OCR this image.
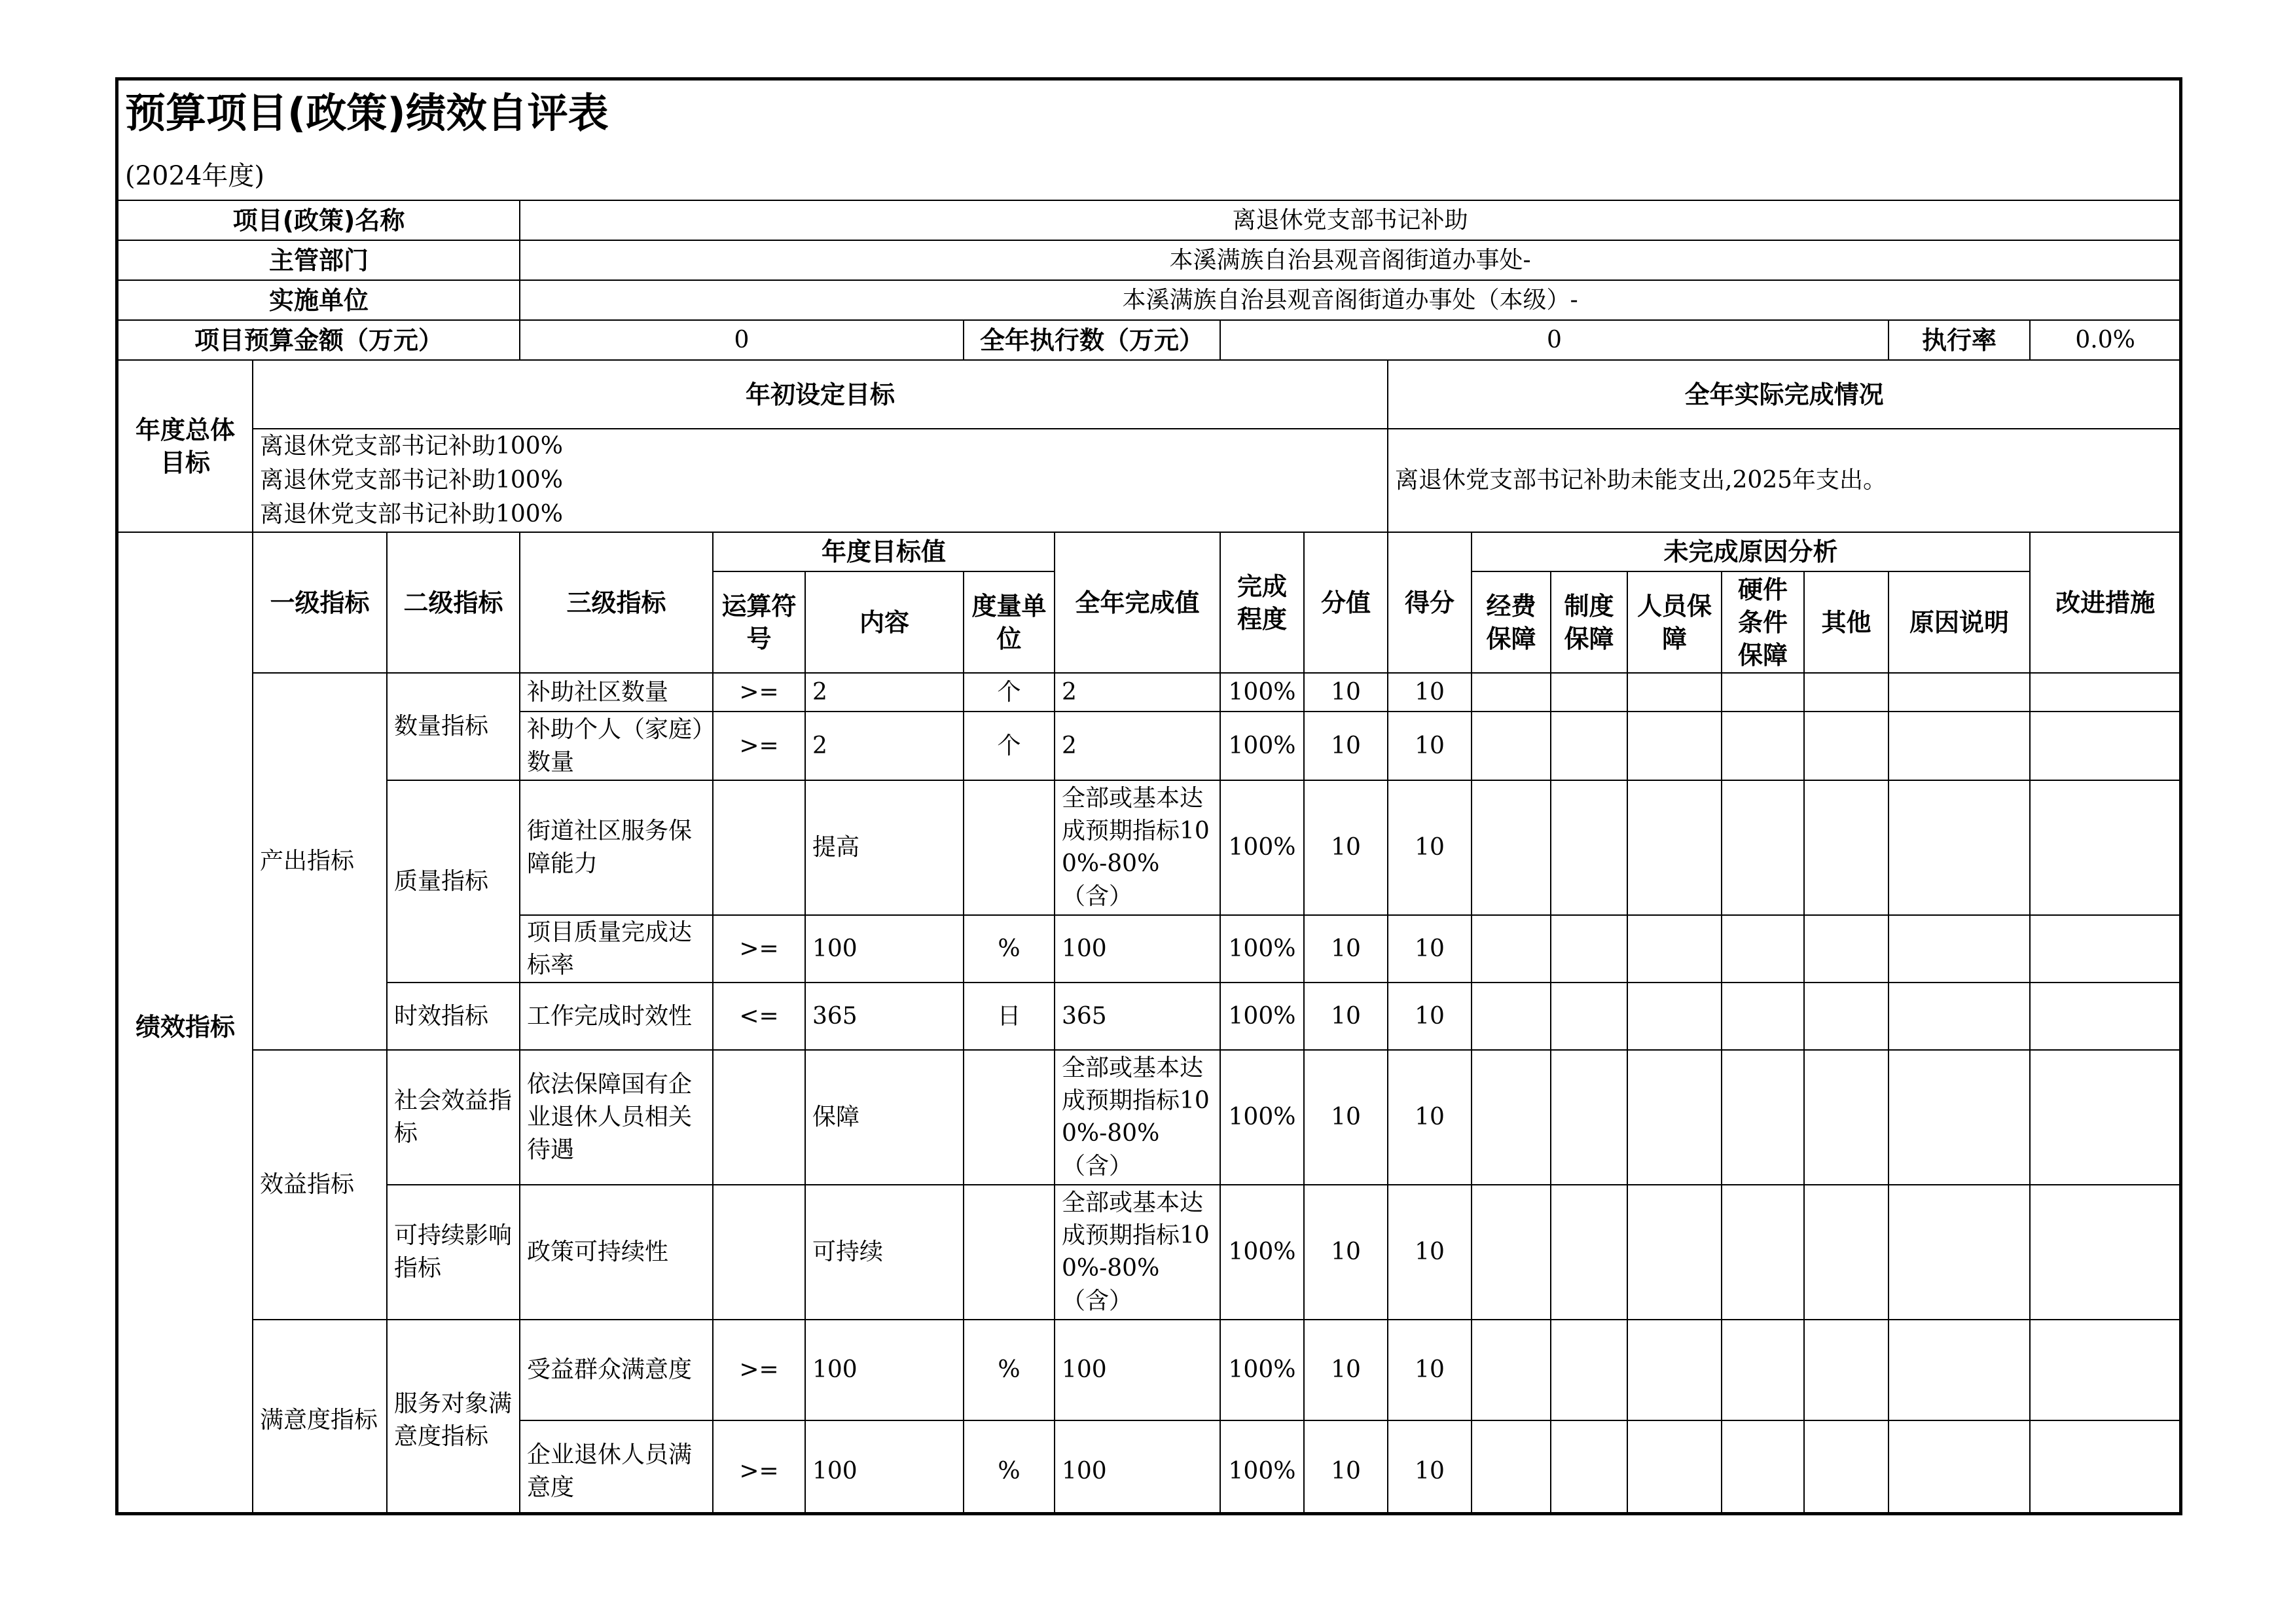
预算项目(政策)绩效自评表
(2024年度)																	

项目(政策)名称			离退休党支部书记补助														
主管部门			本溪满族自治县观音阁街道办事处-														
实施单位			本溪满族自治县观音阁街道办事处（本级）-														
项目预算金额（万元）			0			全年执行数（万元）		0								执行率	0.0%
年度总体目标	年初设定目标									全年实际完成情况							

	离退休党支部书记补助100%
离退休党支部书记补助100%
离退休党支部书记补助100%									离退休党支部书记补助未能支出,2025年支出。							
绩效指标	一级指标	二级指标	三级指标	年度目标值			全年完成值	完成程度	分值	得分	未完成原因分析						改进措施
				运算符号	内容	度量单位					经费保障	制度保障	人员保障	硬件条件保障	其他	原因说明	
	产出指标	数量指标	补助社区数量	>=	2	个	2	100%	10	10							
			补助个人（家庭）数量	>=	2	个	2	100%	10	10							
		质量指标	街道社区服务保障能力		提高		全部或基本达成预期指标100%-80%（含）	100%	10	10							
			项目质量完成达标率	>=	100	%	100	100%	10	10							
		时效指标	工作完成时效性	<=	365	日	365	100%	10	10							
	效益指标	社会效益指标	依法保障国有企业退休人员相关待遇		保障		全部或基本达成预期指标100%-80%（含）	100%	10	10							
		可持续影响指标	政策可持续性		可持续		全部或基本达成预期指标100%-80%（含）	100%	10	10							
	满意度指标	服务对象满意度指标	受益群众满意度	>=	100	%	100	100%	10	10							
			企业退休人员满意度	>=	100	%	100	100%	10	10							
